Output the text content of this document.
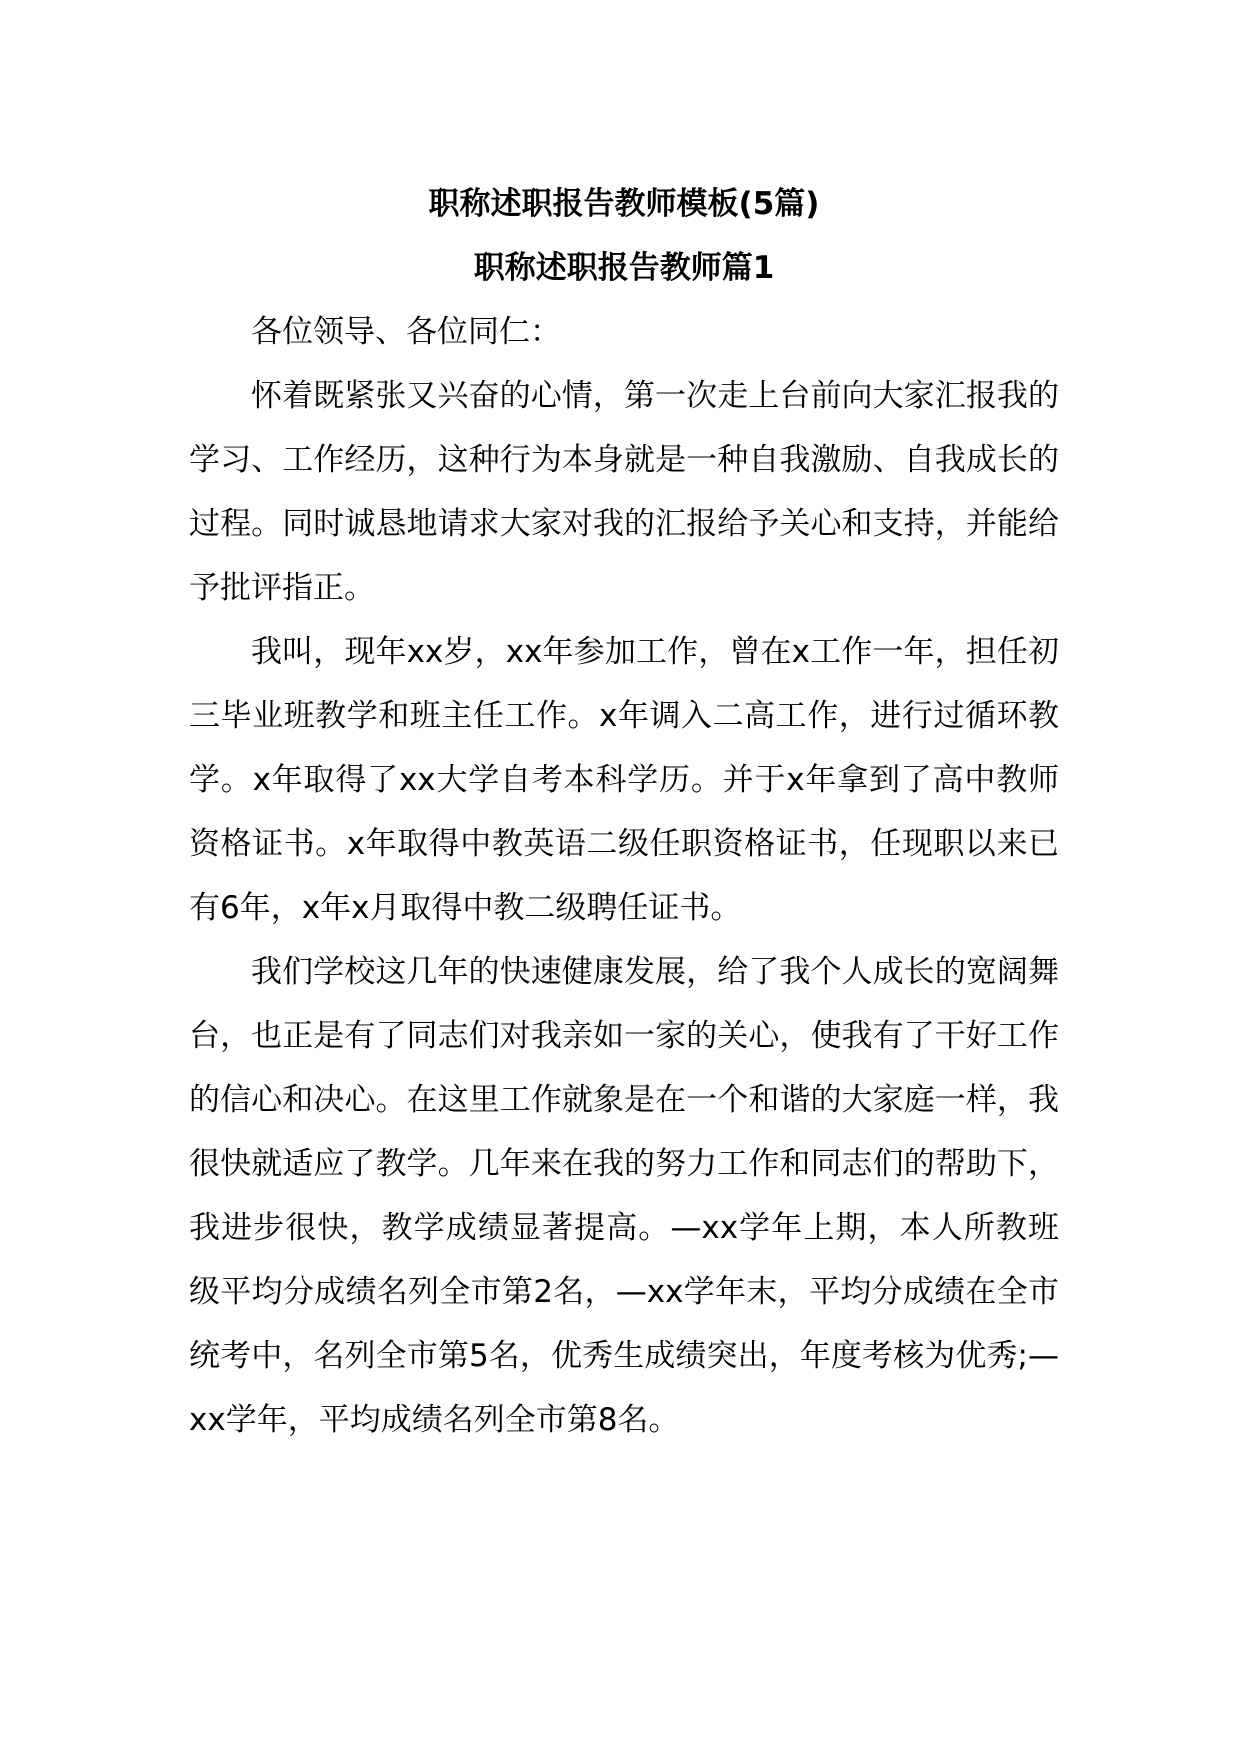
职称述职报告教师模板(5篇)
职称述职报告教师篇1

各位领导、各位同仁：

怀着既紧张又兴奋的心情，第一次走上台前向大家汇报我的学习、工作经历，这种行为本身就是一种自我激励、自我成长的过程。同时诚恳地请求大家对我的汇报给予关心和支持，并能给予批评指正。

我叫，现年xx岁，xx年参加工作，曾在x工作一年，担任初三毕业班教学和班主任工作。x年调入二高工作，进行过循环教学。x年取得了xx大学自考本科学历。并于x年拿到了高中教师资格证书。x年取得中教英语二级任职资格证书，任现职以来已有6年，x年x月取得中教二级聘任证书。

我们学校这几年的快速健康发展，给了我个人成长的宽阔舞台，也正是有了同志们对我亲如一家的关心，使我有了干好工作的信心和决心。在这里工作就象是在一个和谐的大家庭一样，我很快就适应了教学。几年来在我的努力工作和同志们的帮助下，我进步很快，教学成绩显著提高。—xx学年上期，本人所教班级平均分成绩名列全市第2名，—xx学年末，平均分成绩在全市统考中，名列全市第5名，优秀生成绩突出，年度考核为优秀;—xx学年，平均成绩名列全市第8名。
